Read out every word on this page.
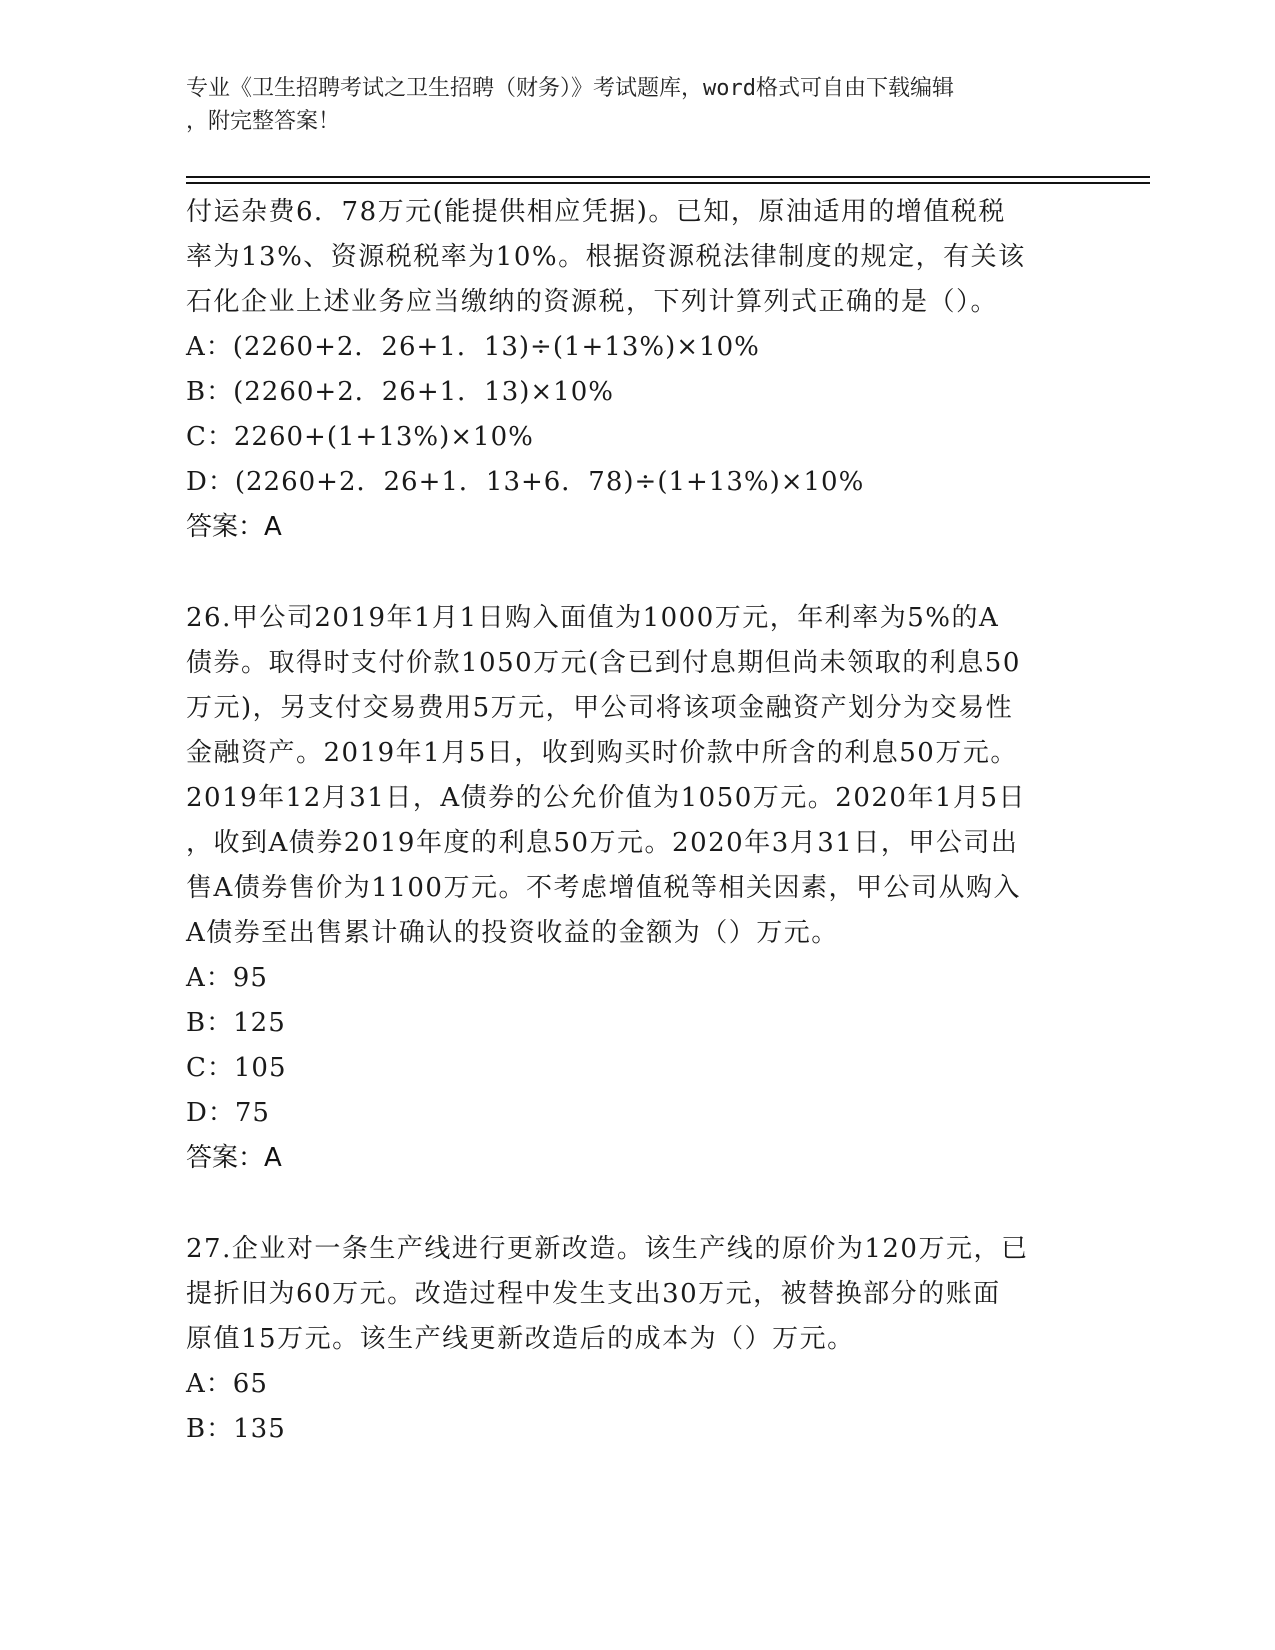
专业《卫生招聘考试之卫生招聘（财务）》考试题库，word格式可自由下载编辑
，附完整答案！
付运杂费6．78万元(能提供相应凭据)。已知，原油适用的增值税税
率为13%、资源税税率为10%。根据资源税法律制度的规定，有关该
石化企业上述业务应当缴纳的资源税，下列计算列式正确的是（）。
A：(2260+2．26+1．13)÷(1+13%)×10%
B：(2260+2．26+1．13)×10%
C：2260+(1+13%)×10%
D：(2260+2．26+1．13+6．78)÷(1+13%)×10%
答案：A
26.甲公司2019年1月1日购入面值为1000万元，年利率为5%的A
债券。取得时支付价款1050万元(含已到付息期但尚未领取的利息50
万元)，另支付交易费用5万元，甲公司将该项金融资产划分为交易性
金融资产。2019年1月5日，收到购买时价款中所含的利息50万元。
2019年12月31日，A债券的公允价值为1050万元。2020年1月5日
，收到A债券2019年度的利息50万元。2020年3月31日，甲公司出
售A债券售价为1100万元。不考虑增值税等相关因素，甲公司从购入
A债券至出售累计确认的投资收益的金额为（）万元。
A：95
B：125
C：105
D：75
答案：A
27.企业对一条生产线进行更新改造。该生产线的原价为120万元，已
提折旧为60万元。改造过程中发生支出30万元，被替换部分的账面
原值15万元。该生产线更新改造后的成本为（）万元。
A：65
B：135
